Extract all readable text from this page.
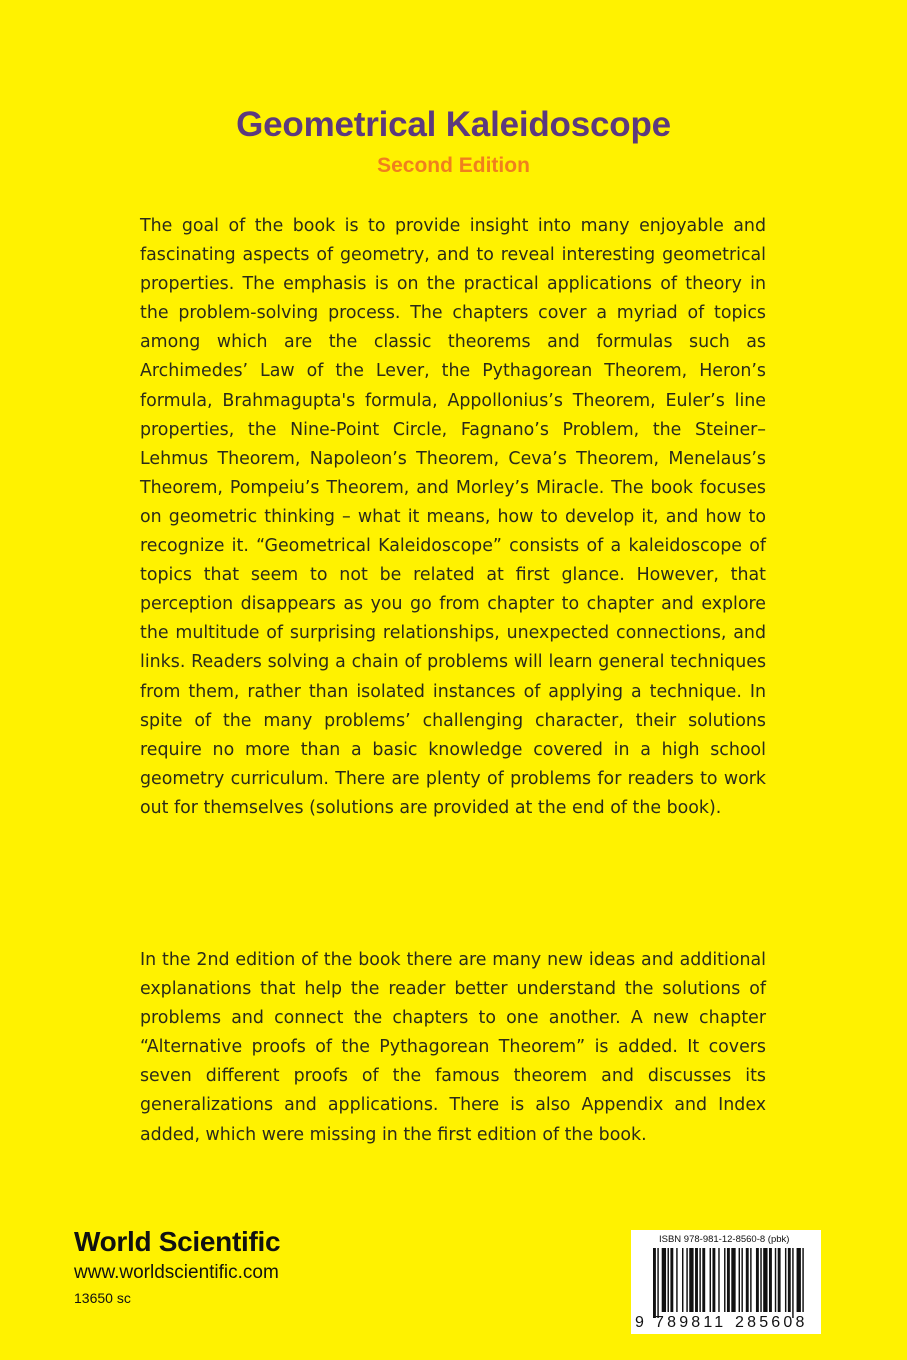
Geometrical Kaleidoscope
Second Edition

The goal of the book is to provide insight into many enjoyable and fascinating aspects of geometry, and to reveal interesting geometrical properties. The emphasis is on the practical applications of theory in the problem-solving process. The chapters cover a myriad of topics among which are the classic theorems and formulas such as Archimedes’ Law of the Lever, the Pythagorean Theorem, Heron’s formula, Brahmagupta's formula, Appollonius’s Theorem, Euler’s line properties, the Nine-Point Circle, Fagnano’s Problem, the Steiner–Lehmus Theorem, Napoleon’s Theorem, Ceva’s Theorem, Menelaus’s Theorem, Pompeiu’s Theorem, and Morley’s Miracle. The book focuses on geometric thinking – what it means, how to develop it, and how to recognize it. “Geometrical Kaleidoscope” consists of a kaleidoscope of topics that seem to not be related at first glance. However, that perception disappears as you go from chapter to chapter and explore the multitude of surprising relationships, unexpected connections, and links. Readers solving a chain of problems will learn general techniques from them, rather than isolated instances of applying a technique. In spite of the many problems’ challenging character, their solutions require no more than a basic knowledge covered in a high school geometry curriculum. There are plenty of problems for readers to work out for themselves (solutions are provided at the end of the book).

In the 2nd edition of the book there are many new ideas and additional explanations that help the reader better understand the solutions of problems and connect the chapters to one another. A new chapter “Alternative proofs of the Pythagorean Theorem” is added. It covers seven different proofs of the famous theorem and discusses its generalizations and applications. There is also Appendix and Index added, which were missing in the first edition of the book.

World Scientific
www.worldscientific.com
13650 sc
ISBN 978-981-12-8560-8 (pbk)
9 789811 285608
